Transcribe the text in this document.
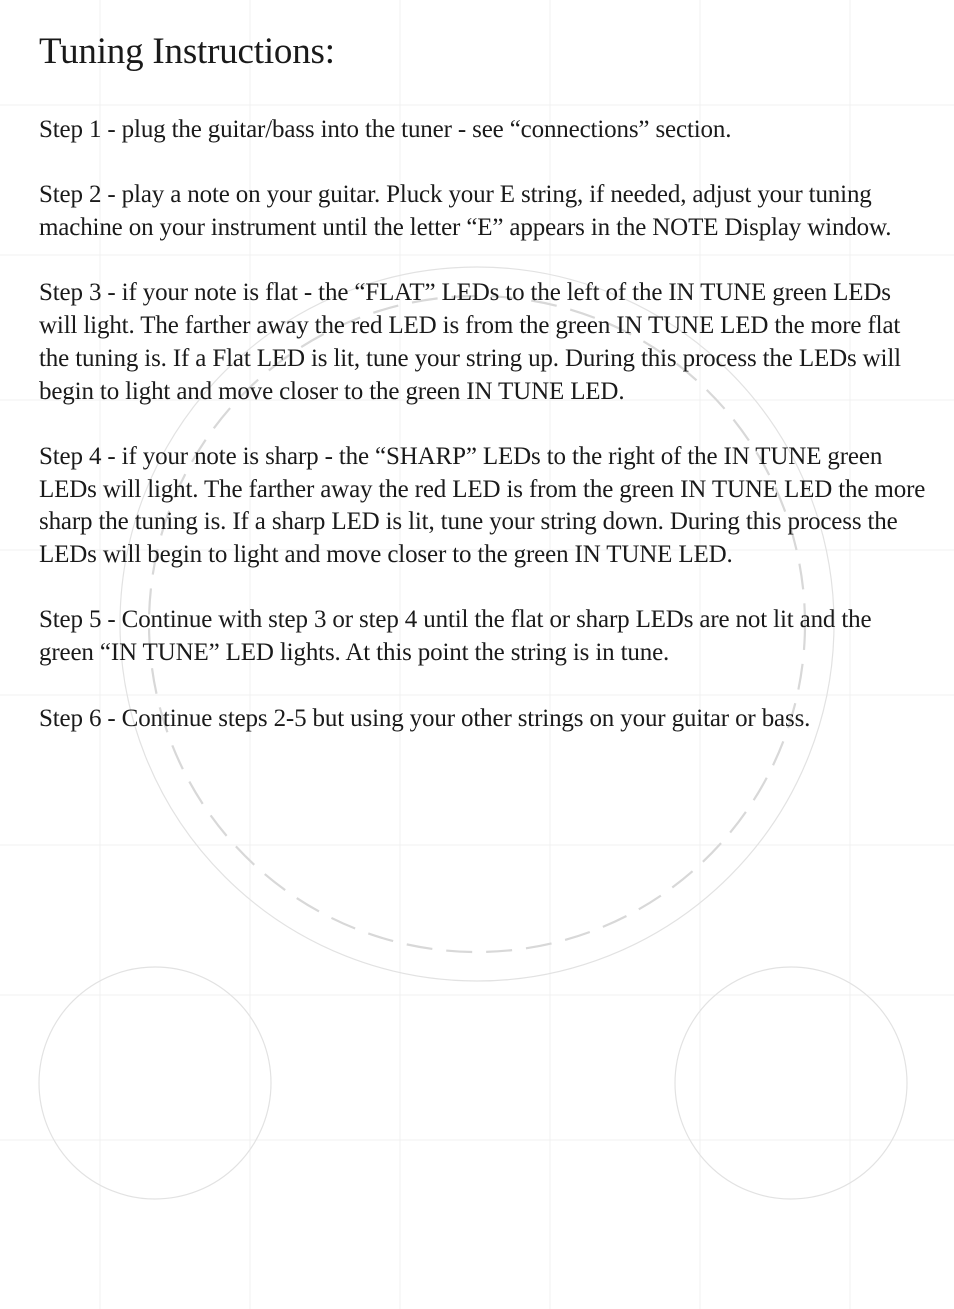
Tuning Instructions:

Step 1 - plug the guitar/bass into the tuner - see “connections” section.

Step 2 - play a note on your guitar. Pluck your E string, if needed, adjust your tuning machine on your instrument until the letter “E” appears in the NOTE Display window.

Step 3 - if your note is flat - the “FLAT” LEDs to the left of the IN TUNE green LEDs will light. The farther away the red LED is from the green IN TUNE LED the more flat the tuning is. If a Flat LED is lit, tune your string up. During this process the LEDs will begin to light and move closer to the green IN TUNE LED.

Step 4 - if your note is sharp - the “SHARP” LEDs to the right of the IN TUNE green LEDs will light. The farther away the red LED is from the green IN TUNE LED the more sharp the tuning is. If a sharp LED is lit, tune your string down. During this process the LEDs will begin to light and move closer to the green IN TUNE LED.

Step 5 - Continue with step 3 or step 4 until the flat or sharp LEDs are not lit and the green “IN TUNE” LED lights. At this point the string is in tune.

Step 6 - Continue steps 2-5 but using your other strings on your guitar or bass.
